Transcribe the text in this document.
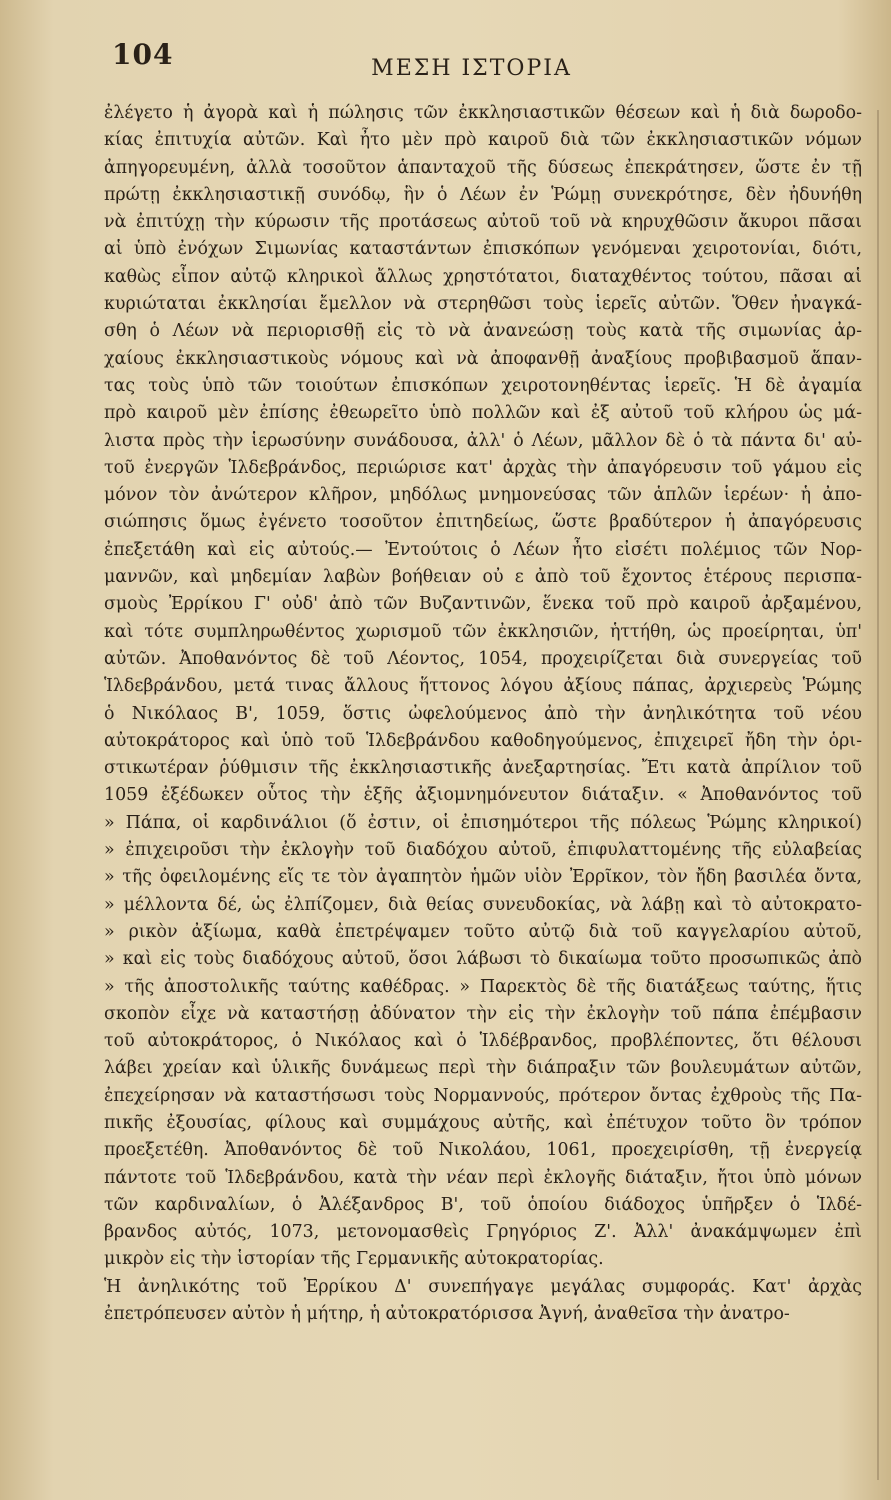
104	ΜΕΣΗ ΙΣΤΟΡΙΑ
ἐλέγετο ἡ ἀγορὰ καὶ ἡ πώλησις τῶν ἐκκλησιαστικῶν θέσεων καὶ ἡ διὰ δωροδο-
κίας ἐπιτυχία αὐτῶν. Καὶ ἦτο μὲν πρὸ καιροῦ διὰ τῶν ἐκκλησιαστικῶν νόμων
ἀπηγορευμένη, ἀλλὰ τοσοῦτον ἁπανταχοῦ τῆς δύσεως ἐπεκράτησεν, ὥστε ἐν τῇ
πρώτῃ ἐκκλησιαστικῇ συνόδῳ, ἣν ὁ Λέων ἐν Ῥώμῃ συνεκρότησε, δὲν ἠδυνήθη
νὰ ἐπιτύχῃ τὴν κύρωσιν τῆς προτάσεως αὐτοῦ τοῦ νὰ κηρυχθῶσιν ἄκυροι πᾶσαι
αἱ ὑπὸ ἐνόχων Σιμωνίας καταστάντων ἐπισκόπων γενόμεναι χειροτονίαι, διότι,
καθὼς εἶπον αὐτῷ κληρικοὶ ἄλλως χρηστότατοι, διαταχθέντος τούτου, πᾶσαι αἱ
κυριώταται ἐκκλησίαι ἔμελλον νὰ στερηθῶσι τοὺς ἱερεῖς αὐτῶν. Ὅθεν ἠναγκά-
σθη ὁ Λέων νὰ περιορισθῇ εἰς τὸ νὰ ἀνανεώσῃ τοὺς κατὰ τῆς σιμωνίας ἀρ-
χαίους ἐκκλησιαστικοὺς νόμους καὶ νὰ ἀποφανθῇ ἀναξίους προβιβασμοῦ ἅπαν-
τας τοὺς ὑπὸ τῶν τοιούτων ἐπισκόπων χειροτονηθέντας ἱερεῖς. Ἡ δὲ ἀγαμία
πρὸ καιροῦ μὲν ἐπίσης ἐθεωρεῖτο ὑπὸ πολλῶν καὶ ἐξ αὐτοῦ τοῦ κλήρου ὡς μά-
λιστα πρὸς τὴν ἱερωσύνην συνάδουσα, ἀλλ' ὁ Λέων, μᾶλλον δὲ ὁ τὰ πάντα δι' αὐ-
τοῦ ἐνεργῶν Ἱλδεβράνδος, περιώρισε κατ' ἀρχὰς τὴν ἀπαγόρευσιν τοῦ γάμου εἰς
μόνον τὸν ἀνώτερον κλῆρον, μηδόλως μνημονεύσας τῶν ἁπλῶν ἱερέων· ἡ ἀπο-
σιώπησις ὅμως ἐγένετο τοσοῦτον ἐπιτηδείως, ὥστε βραδύτερον ἡ ἀπαγόρευσις
ἐπεξετάθη καὶ εἰς αὐτούς.— Ἐντούτοις ὁ Λέων ἦτο εἰσέτι πολέμιος τῶν Νορ-
μαννῶν, καὶ μηδεμίαν λαβὼν βοήθειαν οὐ ε ἀπὸ τοῦ ἔχοντος ἑτέρους περισπα-
σμοὺς Ἐρρίκου Γ' οὐδ' ἀπὸ τῶν Βυζαντινῶν, ἕνεκα τοῦ πρὸ καιροῦ ἀρξαμένου,
καὶ τότε συμπληρωθέντος χωρισμοῦ τῶν ἐκκλησιῶν, ἡττήθη, ὡς προείρηται, ὑπ'
αὐτῶν. Ἀποθανόντος δὲ τοῦ Λέοντος, 1054, προχειρίζεται διὰ συνεργείας τοῦ
Ἱλδεβράνδου, μετά τινας ἄλλους ἥττονος λόγου ἀξίους πάπας, ἀρχιερεὺς Ῥώμης
ὁ Νικόλαος Β', 1059, ὅστις ὠφελούμενος ἀπὸ τὴν ἀνηλικότητα τοῦ νέου
αὐτοκράτορος καὶ ὑπὸ τοῦ Ἱλδεβράνδου καθοδηγούμενος, ἐπιχειρεῖ ἤδη τὴν ὁρι-
στικωτέραν ῥύθμισιν τῆς ἐκκλησιαστικῆς ἀνεξαρτησίας. Ἔτι κατὰ ἀπρίλιον τοῦ
1059 ἐξέδωκεν οὗτος τὴν ἑξῆς ἀξιομνημόνευτον διάταξιν. « Ἀποθανόντος τοῦ
» Πάπα, οἱ καρδινάλιοι (ὅ ἐστιν, οἱ ἐπισημότεροι τῆς πόλεως Ῥώμης κληρικοί)
» ἐπιχειροῦσι τὴν ἐκλογὴν τοῦ διαδόχου αὐτοῦ, ἐπιφυλαττομένης τῆς εὐλαβείας
» τῆς ὀφειλομένης εἴς τε τὸν ἀγαπητὸν ἡμῶν υἱὸν Ἐρρῖκον, τὸν ἤδη βασιλέα ὄντα,
» μέλλοντα δέ, ὡς ἐλπίζομεν, διὰ θείας συνευδοκίας, νὰ λάβῃ καὶ τὸ αὐτοκρατο-
» ρικὸν ἀξίωμα, καθὰ ἐπετρέψαμεν τοῦτο αὐτῷ διὰ τοῦ καγγελαρίου αὐτοῦ,
» καὶ εἰς τοὺς διαδόχους αὐτοῦ, ὅσοι λάβωσι τὸ δικαίωμα τοῦτο προσωπικῶς ἀπὸ
» τῆς ἀποστολικῆς ταύτης καθέδρας. » Παρεκτὸς δὲ τῆς διατάξεως ταύτης, ἥτις
σκοπὸν εἶχε νὰ καταστήσῃ ἀδύνατον τὴν εἰς τὴν ἐκλογὴν τοῦ πάπα ἐπέμβασιν
τοῦ αὐτοκράτορος, ὁ Νικόλαος καὶ ὁ Ἱλδέβρανδος, προβλέποντες, ὅτι θέλουσι
λάβει χρείαν καὶ ὑλικῆς δυνάμεως περὶ τὴν διάπραξιν τῶν βουλευμάτων αὐτῶν,
ἐπεχείρησαν νὰ καταστήσωσι τοὺς Νορμαννούς, πρότερον ὄντας ἐχθροὺς τῆς Πα-
πικῆς ἐξουσίας, φίλους καὶ συμμάχους αὐτῆς, καὶ ἐπέτυχον τοῦτο ὃν τρόπον
προεξετέθη. Ἀποθανόντος δὲ τοῦ Νικολάου, 1061, προεχειρίσθη, τῇ ἐνεργείᾳ
πάντοτε τοῦ Ἱλδεβράνδου, κατὰ τὴν νέαν περὶ ἐκλογῆς διάταξιν, ἤτοι ὑπὸ μόνων
τῶν καρδιναλίων, ὁ Ἀλέξανδρος Β', τοῦ ὁποίου διάδοχος ὑπῆρξεν ὁ Ἱλδέ-
βρανδος αὐτός, 1073, μετονομασθεὶς Γρηγόριος Ζ'. Ἀλλ' ἀνακάμψωμεν ἐπὶ
μικρὸν εἰς τὴν ἱστορίαν τῆς Γερμανικῆς αὐτοκρατορίας.
Ἡ ἀνηλικότης τοῦ Ἐρρίκου Δ' συνεπήγαγε μεγάλας συμφοράς. Κατ' ἀρχὰς
ἐπετρόπευσεν αὐτὸν ἡ μήτηρ, ἡ αὐτοκρατόρισσα Ἀγνή, ἀναθεῖσα τὴν ἀνατρο-
